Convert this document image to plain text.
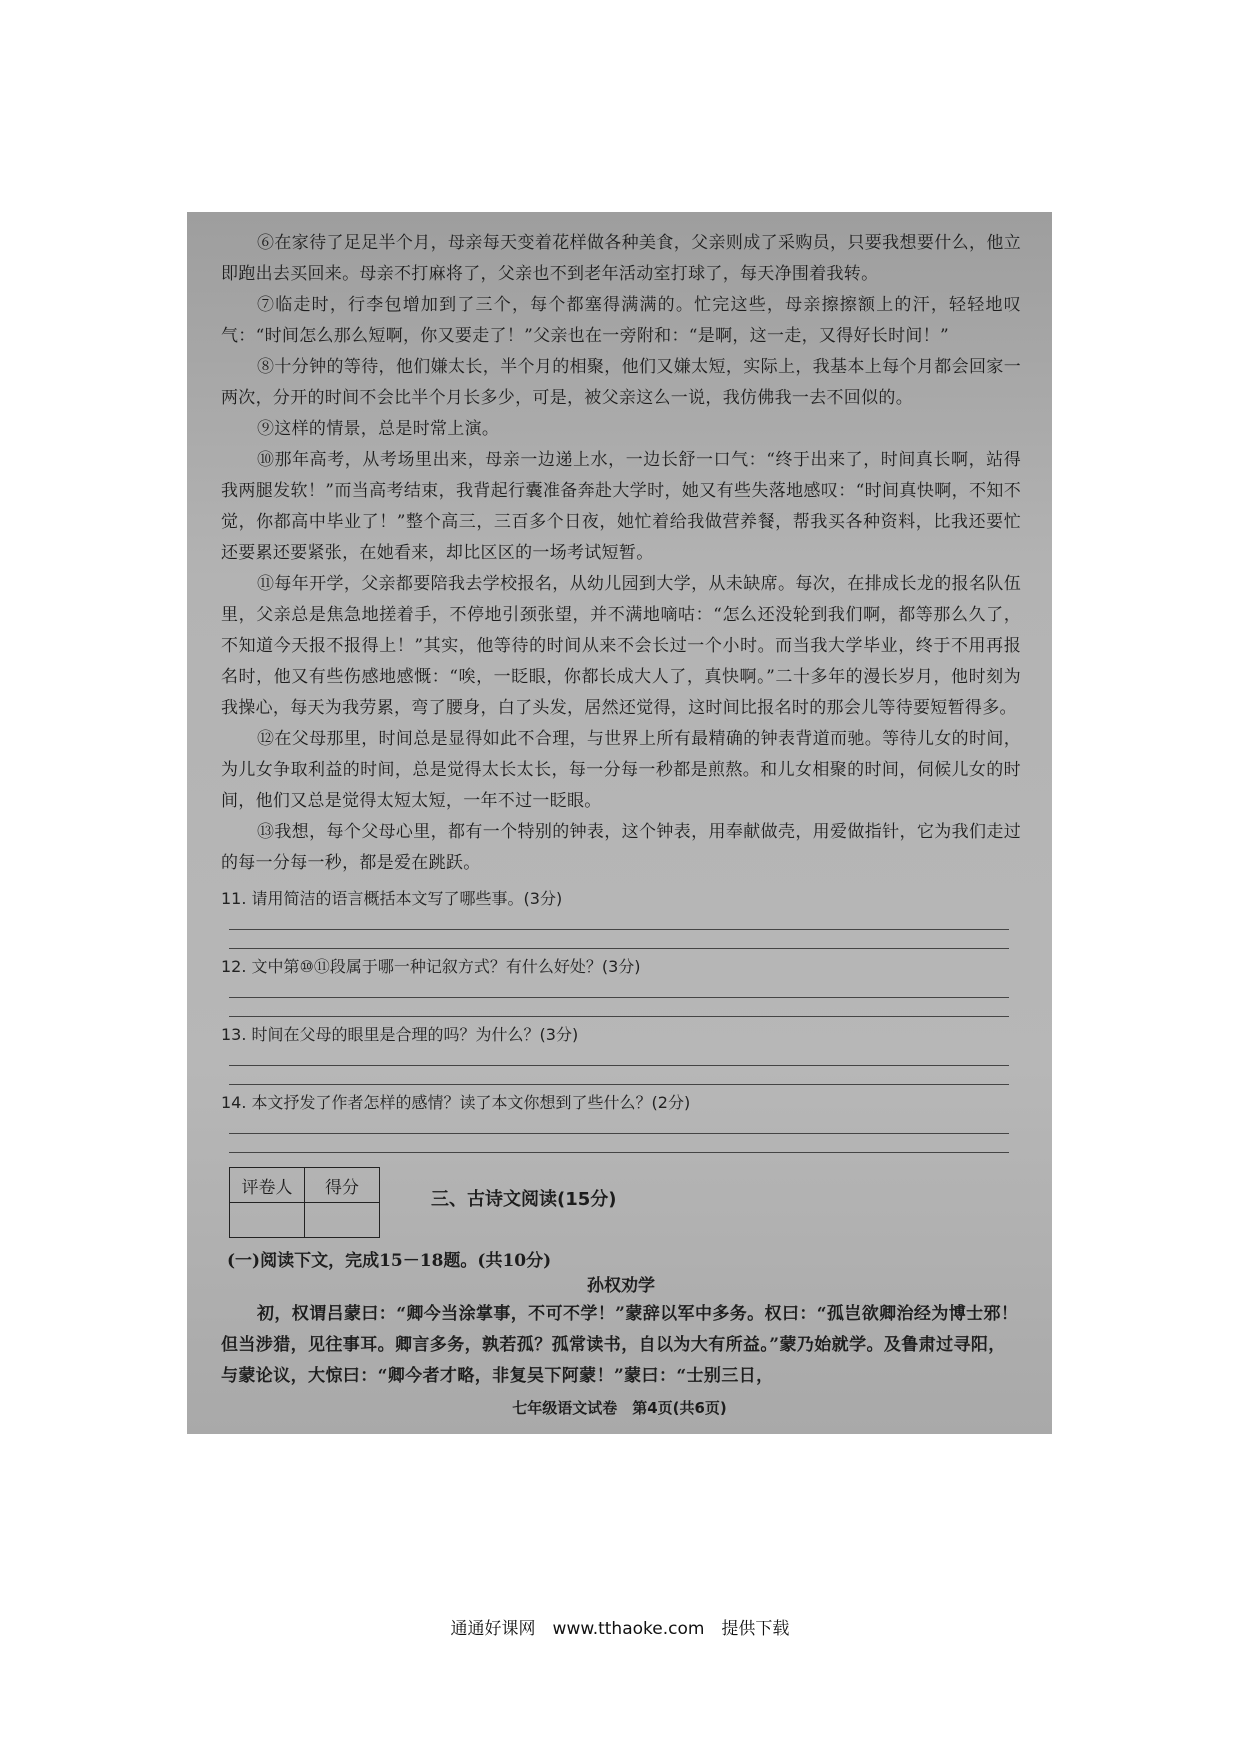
⑥在家待了足足半个月，母亲每天变着花样做各种美食，父亲则成了采购员，只要我想要什么，他立即跑出去买回来。母亲不打麻将了，父亲也不到老年活动室打球了，每天净围着我转。

⑦临走时，行李包增加到了三个，每个都塞得满满的。忙完这些，母亲擦擦额上的汗，轻轻地叹气：“时间怎么那么短啊，你又要走了！”父亲也在一旁附和：“是啊，这一走，又得好长时间！”

⑧十分钟的等待，他们嫌太长，半个月的相聚，他们又嫌太短，实际上，我基本上每个月都会回家一两次，分开的时间不会比半个月长多少，可是，被父亲这么一说，我仿佛我一去不回似的。

⑨这样的情景，总是时常上演。

⑩那年高考，从考场里出来，母亲一边递上水，一边长舒一口气：“终于出来了，时间真长啊，站得我两腿发软！”而当高考结束，我背起行囊准备奔赴大学时，她又有些失落地感叹：“时间真快啊，不知不觉，你都高中毕业了！”整个高三，三百多个日夜，她忙着给我做营养餐，帮我买各种资料，比我还要忙还要累还要紧张，在她看来，却比区区的一场考试短暂。

⑪每年开学，父亲都要陪我去学校报名，从幼儿园到大学，从未缺席。每次，在排成长龙的报名队伍里，父亲总是焦急地搓着手，不停地引颈张望，并不满地嘀咕：“怎么还没轮到我们啊，都等那么久了，不知道今天报不报得上！”其实，他等待的时间从来不会长过一个小时。而当我大学毕业，终于不用再报名时，他又有些伤感地感慨：“唉，一眨眼，你都长成大人了，真快啊。”二十多年的漫长岁月，他时刻为我操心，每天为我劳累，弯了腰身，白了头发，居然还觉得，这时间比报名时的那会儿等待要短暂得多。

⑫在父母那里，时间总是显得如此不合理，与世界上所有最精确的钟表背道而驰。等待儿女的时间，为儿女争取利益的时间，总是觉得太长太长，每一分每一秒都是煎熬。和儿女相聚的时间，伺候儿女的时间，他们又总是觉得太短太短，一年不过一眨眼。

⑬我想，每个父母心里，都有一个特别的钟表，这个钟表，用奉献做壳，用爱做指针，它为我们走过的每一分每一秒，都是爱在跳跃。

11. 请用简洁的语言概括本文写了哪些事。(3分)

12. 文中第⑩⑪段属于哪一种记叙方式？有什么好处？(3分)

13. 时间在父母的眼里是合理的吗？为什么？(3分)

14. 本文抒发了作者怎样的感情？读了本文你想到了些什么？(2分)

评卷人	得分

三、古诗文阅读(15分)

(一)阅读下文，完成15－18题。(共10分)

孙权劝学

初，权谓吕蒙曰：“卿今当涂掌事，不可不学！”蒙辞以军中多务。权曰：“孤岂欲卿治经为博士邪！但当涉猎，见往事耳。卿言多务，孰若孤？孤常读书，自以为大有所益。”蒙乃始就学。及鲁肃过寻阳，与蒙论议，大惊曰：“卿今者才略，非复吴下阿蒙！”蒙曰：“士别三日，

七年级语文试卷　第4页(共6页)
通通好课网　www.tthaoke.com　提供下载
